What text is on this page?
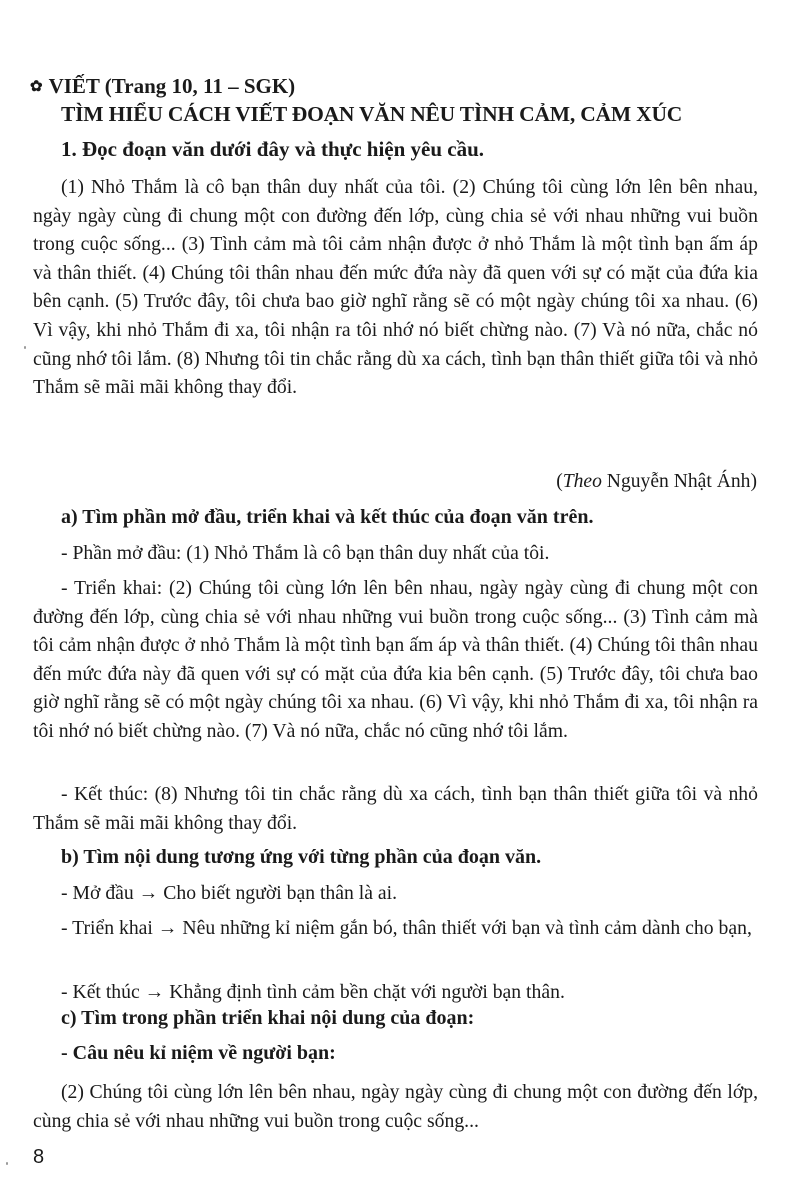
✿ VIẾT (Trang 10, 11 – SGK)
TÌM HIỂU CÁCH VIẾT ĐOẠN VĂN NÊU TÌNH CẢM, CẢM XÚC
1. Đọc đoạn văn dưới đây và thực hiện yêu cầu.

(1) Nhỏ Thắm là cô bạn thân duy nhất của tôi. (2) Chúng tôi cùng lớn lên bên nhau, ngày ngày cùng đi chung một con đường đến lớp, cùng chia sẻ với nhau những vui buồn trong cuộc sống... (3) Tình cảm mà tôi cảm nhận được ở nhỏ Thắm là một tình bạn ấm áp và thân thiết. (4) Chúng tôi thân nhau đến mức đứa này đã quen với sự có mặt của đứa kia bên cạnh. (5) Trước đây, tôi chưa bao giờ nghĩ rằng sẽ có một ngày chúng tôi xa nhau. (6) Vì vậy, khi nhỏ Thắm đi xa, tôi nhận ra tôi nhớ nó biết chừng nào. (7) Và nó nữa, chắc nó cũng nhớ tôi lắm. (8) Nhưng tôi tin chắc rằng dù xa cách, tình bạn thân thiết giữa tôi và nhỏ Thắm sẽ mãi mãi không thay đổi.

(Theo Nguyễn Nhật Ánh)
a) Tìm phần mở đầu, triển khai và kết thúc của đoạn văn trên.

- Phần mở đầu: (1) Nhỏ Thắm là cô bạn thân duy nhất của tôi.

- Triển khai: (2) Chúng tôi cùng lớn lên bên nhau, ngày ngày cùng đi chung một con đường đến lớp, cùng chia sẻ với nhau những vui buồn trong cuộc sống... (3) Tình cảm mà tôi cảm nhận được ở nhỏ Thắm là một tình bạn ấm áp và thân thiết. (4) Chúng tôi thân nhau đến mức đứa này đã quen với sự có mặt của đứa kia bên cạnh. (5) Trước đây, tôi chưa bao giờ nghĩ rằng sẽ có một ngày chúng tôi xa nhau. (6) Vì vậy, khi nhỏ Thắm đi xa, tôi nhận ra tôi nhớ nó biết chừng nào. (7) Và nó nữa, chắc nó cũng nhớ tôi lắm.

- Kết thúc: (8) Nhưng tôi tin chắc rằng dù xa cách, tình bạn thân thiết giữa tôi và nhỏ Thắm sẽ mãi mãi không thay đổi.

b) Tìm nội dung tương ứng với từng phần của đoạn văn.

- Mở đầu → Cho biết người bạn thân là ai.

- Triển khai → Nêu những kỉ niệm gắn bó, thân thiết với bạn và tình cảm dành cho bạn,

- Kết thúc → Khẳng định tình cảm bền chặt với người bạn thân.

c) Tìm trong phần triển khai nội dung của đoạn:
- Câu nêu kỉ niệm về người bạn:

(2) Chúng tôi cùng lớn lên bên nhau, ngày ngày cùng đi chung một con đường đến lớp, cùng chia sẻ với nhau những vui buồn trong cuộc sống...

8
